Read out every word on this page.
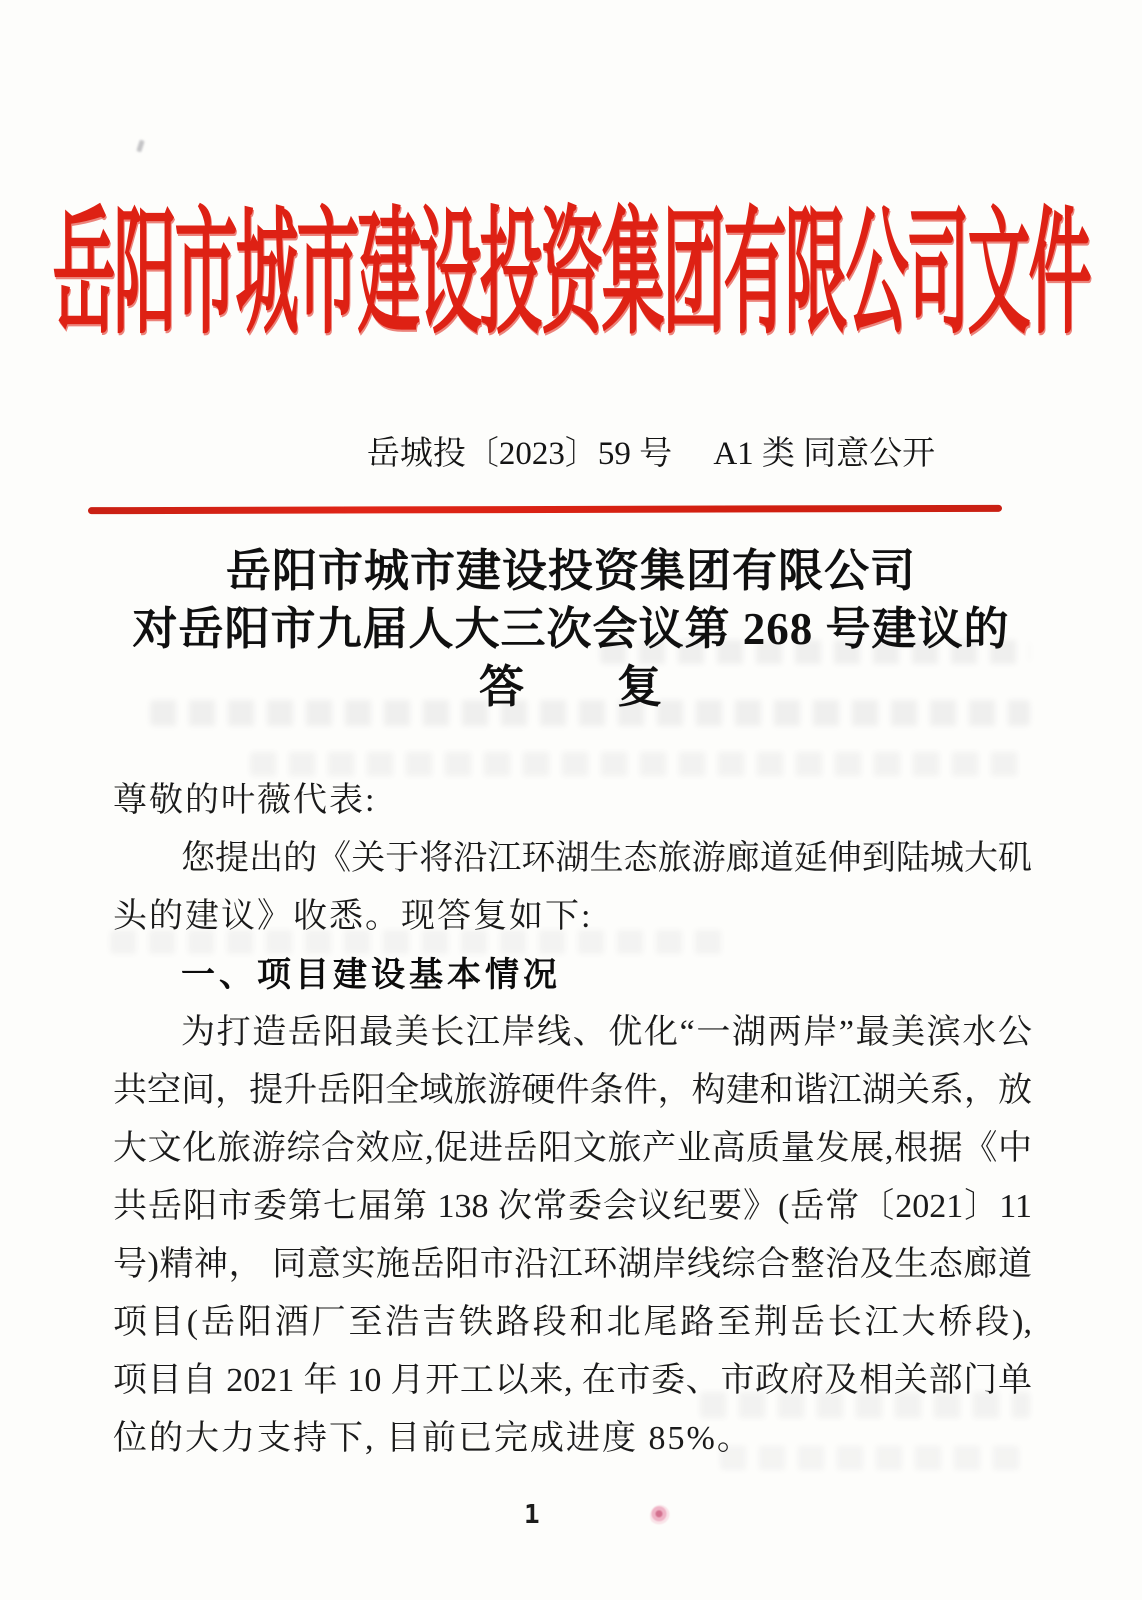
岳阳市城市建设投资集团有限公司文件
岳城投〔2023〕59 号　 A1 类 同意公开
岳阳市城市建设投资集团有限公司
对岳阳市九届人大三次会议第 268 号建议的
答　　复
尊敬的叶薇代表:
您提出的《关于将沿江环湖生态旅游廊道延伸到陆城大矶
头的建议》收悉。现答复如下:
一、项目建设基本情况
为打造岳阳最美长江岸线、优化“一湖两岸”最美滨水公
共空间，提升岳阳全域旅游硬件条件，构建和谐江湖关系，放
大文化旅游综合效应,促进岳阳文旅产业高质量发展,根据《中
共岳阳市委第七届第 138 次常委会议纪要》(岳常〔2021〕11
号)精神， 同意实施岳阳市沿江环湖岸线综合整治及生态廊道
项目(岳阳酒厂至浩吉铁路段和北尾路至荆岳长江大桥段),
项目自 2021 年 10 月开工以来, 在市委、市政府及相关部门单
位的大力支持下, 目前已完成进度 85%。
1
